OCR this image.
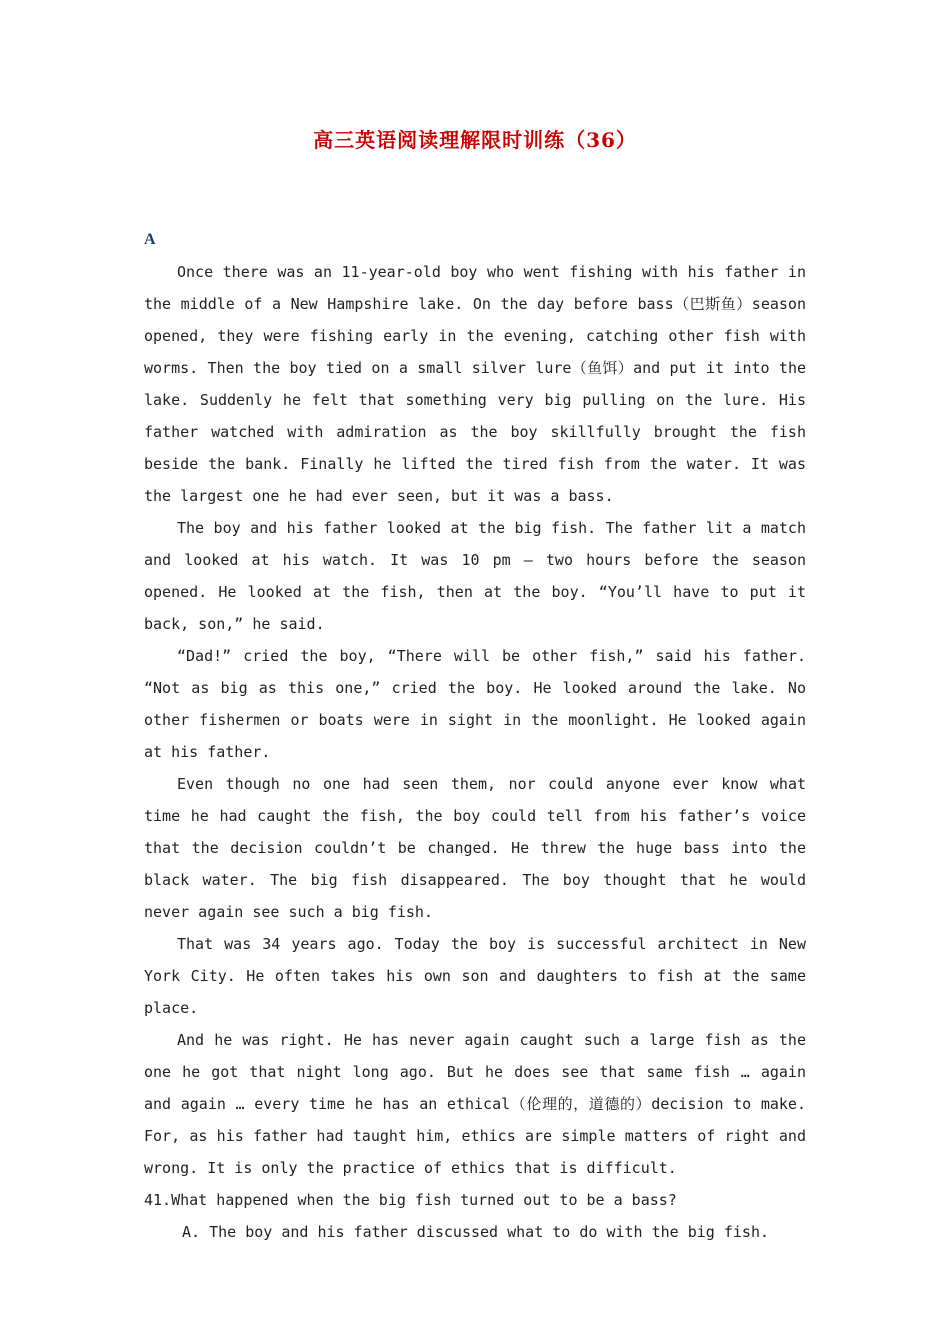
高三英语阅读理解限时训练（36）
A

Once there was an 11-year-old boy who went fishing with his father in the middle of a New Hampshire lake. On the day before bass（巴斯鱼）season opened, they were fishing early in the evening, catching other fish with worms. Then the boy tied on a small silver lure（鱼饵）and put it into the lake. Suddenly he felt that something very big pulling on the lure. His father watched with admiration as the boy skillfully brought the fish beside the bank. Finally he lifted the tired fish from the water. It was the largest one he had ever seen, but it was a bass.

The boy and his father looked at the big fish. The father lit a match and looked at his watch. It was 10 pm – two hours before the season opened. He looked at the fish, then at the boy. “You’ll have to put it back, son,” he said.

“Dad!” cried the boy, “There will be other fish,” said his father. “Not as big as this one,” cried the boy. He looked around the lake. No other fishermen or boats were in sight in the moonlight. He looked again at his father.

Even though no one had seen them, nor could anyone ever know what time he had caught the fish, the boy could tell from his father’s voice that the decision couldn’t be changed. He threw the huge bass into the black water. The big fish disappeared. The boy thought that he would never again see such a big fish.

That was 34 years ago. Today the boy is successful architect in New York City. He often takes his own son and daughters to fish at the same place.

And he was right. He has never again caught such a large fish as the one he got that night long ago. But he does see that same fish … again and again … every time he has an ethical（伦理的，道德的）decision to make. For, as his father had taught him, ethics are simple matters of right and wrong. It is only the practice of ethics that is difficult.

41.What happened when the big fish turned out to be a bass?

A. The boy and his father discussed what to do with the big fish.
